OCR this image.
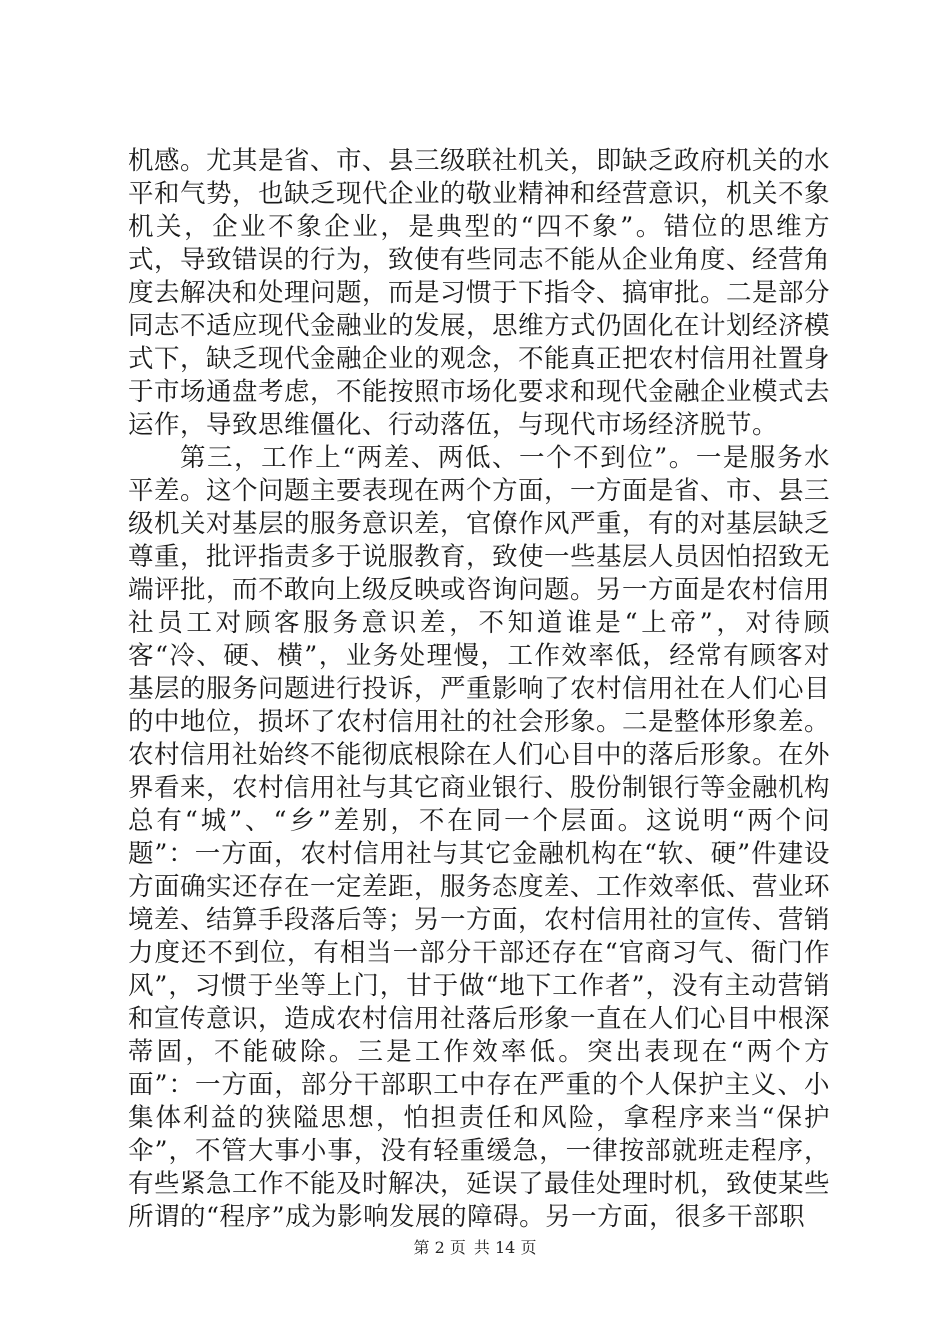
机感。尤其是省、市、县三级联社机关，即缺乏政府机关的水平和气势，也缺乏现代企业的敬业精神和经营意识，机关不象机关，企业不象企业，是典型的“四不象”。错位的思维方式，导致错误的行为，致使有些同志不能从企业角度、经营角度去解决和处理问题，而是习惯于下指令、搞审批。二是部分同志不适应现代金融业的发展，思维方式仍固化在计划经济模式下，缺乏现代金融企业的观念，不能真正把农村信用社置身于市场通盘考虑，不能按照市场化要求和现代金融企业模式去运作，导致思维僵化、行动落伍，与现代市场经济脱节。

第三，工作上“两差、两低、一个不到位”。一是服务水平差。这个问题主要表现在两个方面，一方面是省、市、县三级机关对基层的服务意识差，官僚作风严重，有的对基层缺乏尊重，批评指责多于说服教育，致使一些基层人员因怕招致无端评批，而不敢向上级反映或咨询问题。另一方面是农村信用社员工对顾客服务意识差，不知道谁是“上帝”，对待顾客“冷、硬、横”，业务处理慢，工作效率低，经常有顾客对基层的服务问题进行投诉，严重影响了农村信用社在人们心目的中地位，损坏了农村信用社的社会形象。二是整体形象差。农村信用社始终不能彻底根除在人们心目中的落后形象。在外界看来，农村信用社与其它商业银行、股份制银行等金融机构总有“城”、“乡”差别，不在同一个层面。这说明“两个问题”：一方面，农村信用社与其它金融机构在“软、硬”件建设方面确实还存在一定差距，服务态度差、工作效率低、营业环境差、结算手段落后等；另一方面，农村信用社的宣传、营销力度还不到位，有相当一部分干部还存在“官商习气、衙门作风”，习惯于坐等上门，甘于做“地下工作者”，没有主动营销和宣传意识，造成农村信用社落后形象一直在人们心目中根深蒂固，不能破除。三是工作效率低。突出表现在“两个方面”：一方面，部分干部职工中存在严重的个人保护主义、小集体利益的狭隘思想，怕担责任和风险，拿程序来当“保护伞”，不管大事小事，没有轻重缓急，一律按部就班走程序，有些紧急工作不能及时解决，延误了最佳处理时机，致使某些所谓的“程序”成为影响发展的障碍。另一方面，很多干部职

第 2 页 共 14 页
